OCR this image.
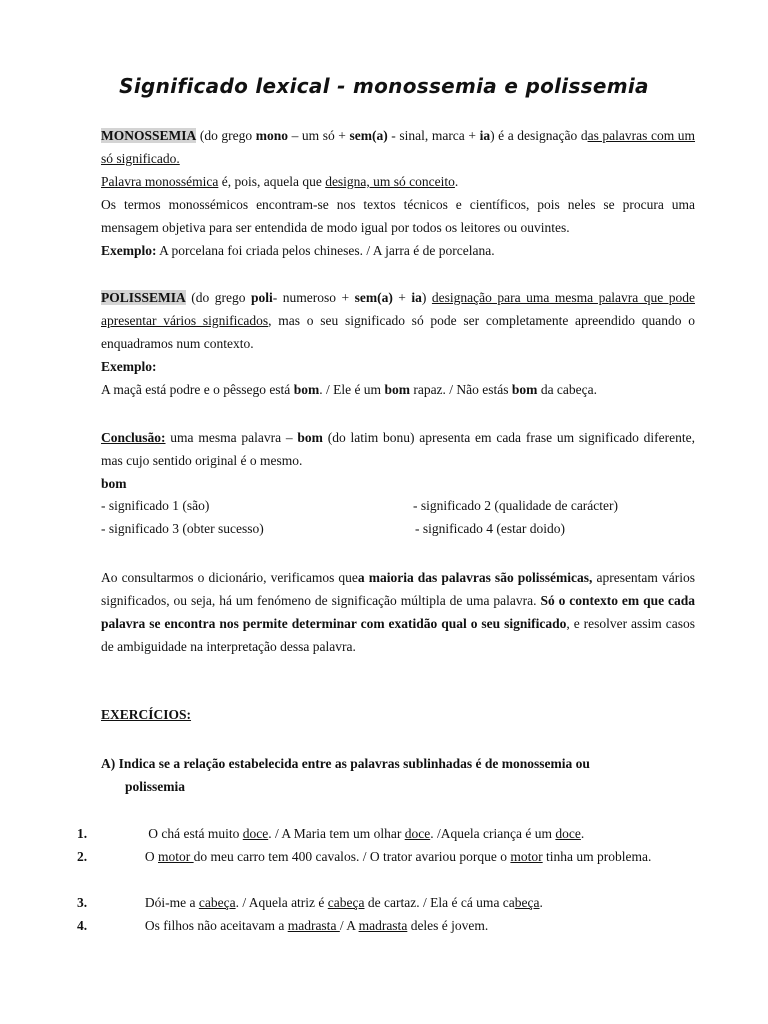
Significado lexical - monossemia e polissemia

MONOSSEMIA (do grego mono – um só + sem(a) - sinal, marca + ia) é a designação das palavras com um só significado.

Palavra monossémica é, pois, aquela que designa, um só conceito.

Os termos monossémicos encontram-se nos textos técnicos e científicos, pois neles se procura uma mensagem objetiva para ser entendida de modo igual por todos os leitores ou ouvintes.

Exemplo: A porcelana foi criada pelos chineses. / A jarra é de porcelana.

POLISSEMIA (do grego poli- numeroso + sem(a) + ia) designação para uma mesma palavra que pode apresentar vários significados, mas o seu significado só pode ser completamente apreendido quando o enquadramos num contexto.

Exemplo:

A maçã está podre e o pêssego está bom. / Ele é um bom rapaz. / Não estás bom da cabeça.

Conclusão: uma mesma palavra – bom (do latim bonu) apresenta em cada frase um significado diferente, mas cujo sentido original é o mesmo.

bom

- significado 1 (são)	- significado 2 (qualidade de carácter)
- significado 3 (obter sucesso)	- significado 4 (estar doido)

Ao consultarmos o dicionário, verificamos quea maioria das palavras são polissémicas, apresentam vários significados, ou seja, há um fenómeno de significação múltipla de uma palavra. Só o contexto em que cada palavra se encontra nos permite determinar com exatidão qual o seu significado, e resolver assim casos de ambiguidade na interpretação dessa palavra.

EXERCÍCIOS:
A) Indica se a relação estabelecida entre as palavras sublinhadas é de monossemia ou
polissemia
1. O chá está muito doce. / A Maria tem um olhar doce. /Aquela criança é um doce.
2. O motor do meu carro tem 400 cavalos. / O trator avariou porque o motor tinha um problema.
3. Dói-me a cabeça. / Aquela atriz é cabeça de cartaz. / Ela é cá uma cabeça.
4. Os filhos não aceitavam a madrasta / A madrasta deles é jovem.
